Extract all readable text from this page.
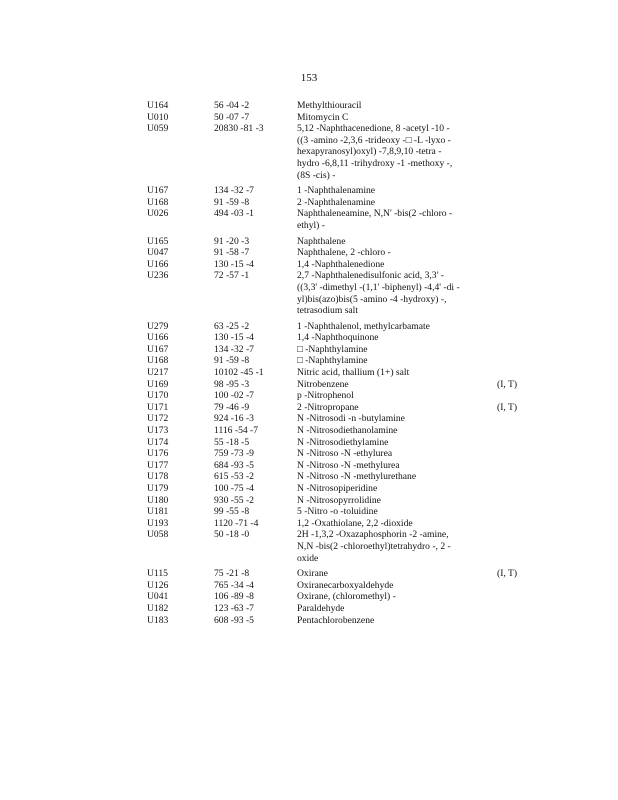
153
U164	56 -04 -2	Methylthiouracil
U010	50 -07 -7	Mitomycin C
U059	20830 -81 -3	5,12 -Naphthacenedione, 8 -acetyl -10 -
((3 -amino -2,3,6 -trideoxy -□ -L -lyxo -
hexapyranosyl)oxyl) -7,8,9,10 -tetra -
hydro -6,8,11 -trihydroxy -1 -methoxy -,
(8S -cis) -
U167	134 -32 -7	1 -Naphthalenamine
U168	91 -59 -8	2 -Naphthalenamine
U026	494 -03 -1	Naphthaleneamine, N,N' -bis(2 -chloro -
ethyl) -
U165	91 -20 -3	Naphthalene
U047	91 -58 -7	Naphthalene, 2 -chloro -
U166	130 -15 -4	1,4 -Naphthalenedione
U236	72 -57 -1	2,7 -Naphthalenedisulfonic acid, 3,3' -
((3,3' -dimethyl -(1,1' -biphenyl) -4,4' -di -
yl)bis(azo)bis(5 -amino -4 -hydroxy) -,
tetrasodium salt
U279	63 -25 -2	1 -Naphthalenol, methylcarbamate
U166	130 -15 -4	1,4 -Naphthoquinone
U167	134 -32 -7	□ -Naphthylamine
U168	91 -59 -8	□ -Naphthylamine
U217	10102 -45 -1	Nitric acid, thallium (1+) salt
U169	98 -95 -3	Nitrobenzene	(I, T)
U170	100 -02 -7	p -Nitrophenol
U171	79 -46 -9	2 -Nitropropane	(I, T)
U172	924 -16 -3	N -Nitrosodi -n -butylamine
U173	1116 -54 -7	N -Nitrosodiethanolamine
U174	55 -18 -5	N -Nitrosodiethylamine
U176	759 -73 -9	N -Nitroso -N -ethylurea
U177	684 -93 -5	N -Nitroso -N -methylurea
U178	615 -53 -2	N -Nitroso -N -methylurethane
U179	100 -75 -4	N -Nitrosopiperidine
U180	930 -55 -2	N -Nitrosopyrrolidine
U181	99 -55 -8	5 -Nitro -o -toluidine
U193	1120 -71 -4	1,2 -Oxathiolane, 2,2 -dioxide
U058	50 -18 -0	2H -1,3,2 -Oxazaphosphorin -2 -amine,
N,N -bis(2 -chloroethyl)tetrahydro -, 2 -
oxide
U115	75 -21 -8	Oxirane	(I, T)
U126	765 -34 -4	Oxiranecarboxyaldehyde
U041	106 -89 -8	Oxirane, (chloromethyl) -
U182	123 -63 -7	Paraldehyde
U183	608 -93 -5	Pentachlorobenzene
